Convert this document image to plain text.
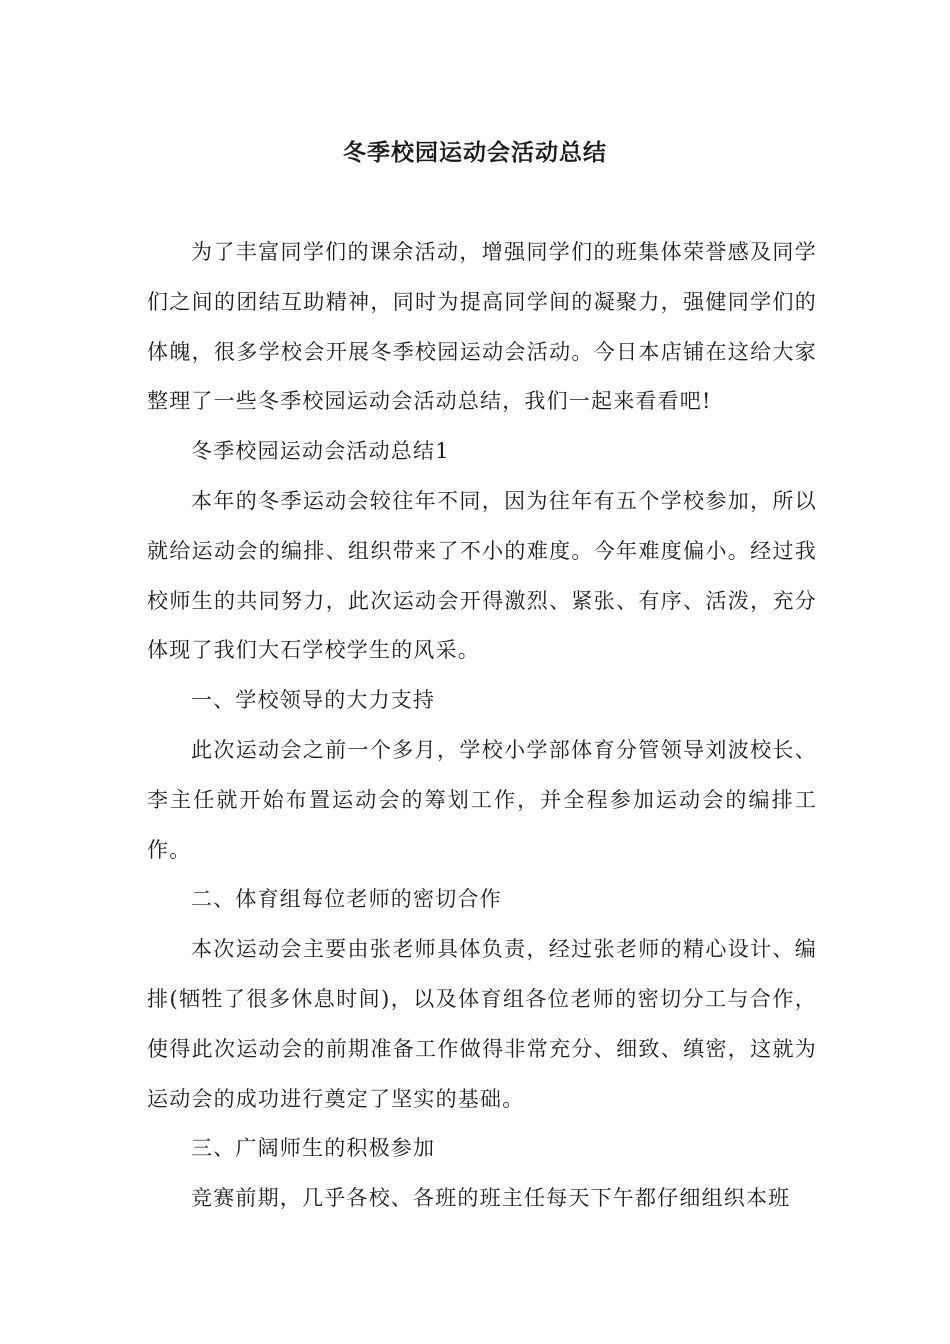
冬季校园运动会活动总结

为了丰富同学们的课余活动，增强同学们的班集体荣誉感及同学们之间的团结互助精神，同时为提高同学间的凝聚力，强健同学们的体魄，很多学校会开展冬季校园运动会活动。今日本店铺在这给大家整理了一些冬季校园运动会活动总结，我们一起来看看吧!

冬季校园运动会活动总结1

本年的冬季运动会较往年不同，因为往年有五个学校参加，所以就给运动会的编排、组织带来了不小的难度。今年难度偏小。经过我校师生的共同努力，此次运动会开得激烈、紧张、有序、活泼，充分体现了我们大石学校学生的风采。

一、学校领导的大力支持

此次运动会之前一个多月，学校小学部体育分管领导刘波校长、李主任就开始布置运动会的筹划工作，并全程参加运动会的编排工作。

二、体育组每位老师的密切合作

本次运动会主要由张老师具体负责，经过张老师的精心设计、编排(牺牲了很多休息时间)，以及体育组各位老师的密切分工与合作，使得此次运动会的前期准备工作做得非常充分、细致、缜密，这就为运动会的成功进行奠定了坚实的基础。

三、广阔师生的积极参加

竞赛前期，几乎各校、各班的班主任每天下午都仔细组织本班
